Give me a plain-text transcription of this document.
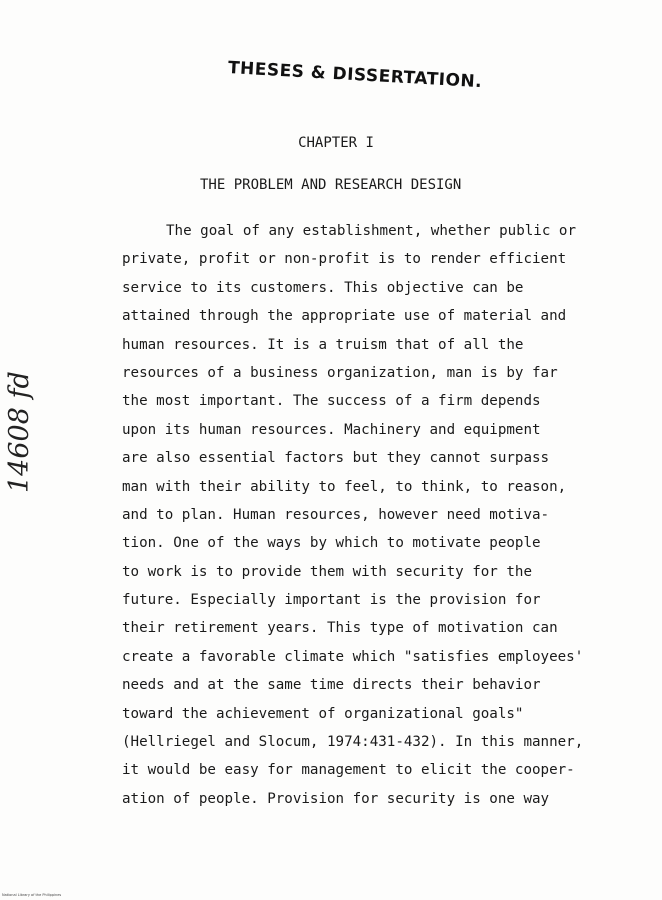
THESES & DISSERTATION.
CHAPTER I
THE PROBLEM AND RESEARCH DESIGN
The goal of any establishment, whether public or
private, profit or non-profit is to render efficient
service to its customers. This objective can be
attained through the appropriate use of material and
human resources. It is a truism that of all the
resources of a business organization, man is by far
the most important. The success of a firm depends
upon its human resources. Machinery and equipment
are also essential factors but they cannot surpass
man with their ability to feel, to think, to reason,
and to plan. Human resources, however need motiva-
tion. One of the ways by which to motivate people
to work is to provide them with security for the
future. Especially important is the provision for
their retirement years. This type of motivation can
create a favorable climate which "satisfies employees'
needs and at the same time directs their behavior
toward the achievement of organizational goals"
(Hellriegel and Slocum, 1974:431-432). In this manner,
it would be easy for management to elicit the cooper-
ation of people. Provision for security is one way
14608 fd
National Library of the Philippines
